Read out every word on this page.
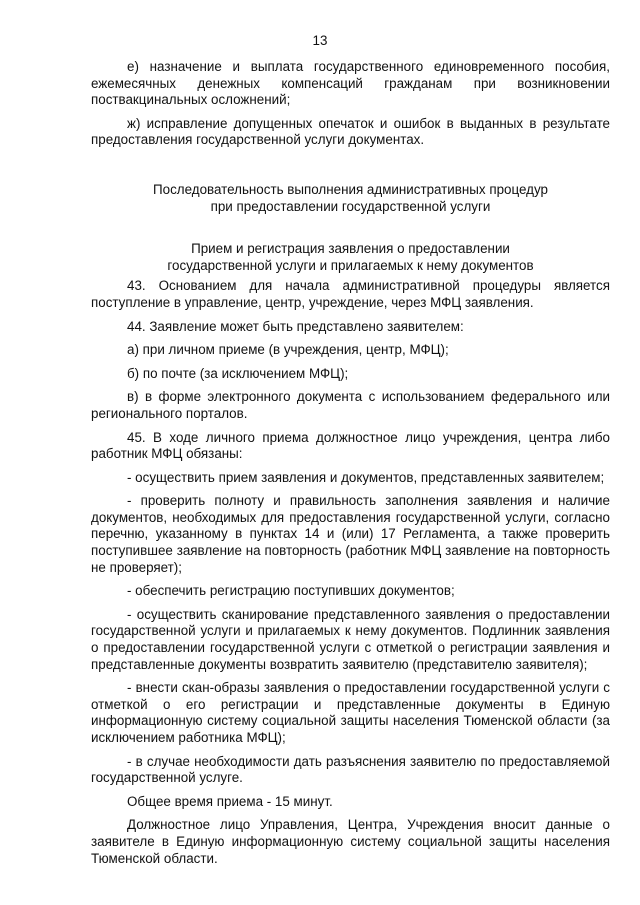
13

е) назначение и выплата государственного единовременного пособия, ежемесячных денежных компенсаций гражданам при возникновении поствакцинальных осложнений;

ж) исправление допущенных опечаток и ошибок в выданных в результате предоставления государственной услуги документах.

Последовательность выполнения административных процедур

при предоставлении государственной услуги

Прием и регистрация заявления о предоставлении

государственной услуги и прилагаемых к нему документов

43. Основанием для начала административной процедуры является поступление в управление, центр, учреждение, через МФЦ заявления.

44. Заявление может быть представлено заявителем:

а) при личном приеме (в учреждения, центр, МФЦ);

б) по почте (за исключением МФЦ);

в) в форме электронного документа с использованием федерального или регионального порталов.

45. В ходе личного приема должностное лицо учреждения, центра либо работник МФЦ обязаны:

- осуществить прием заявления и документов, представленных заявителем;

- проверить полноту и правильность заполнения заявления и наличие документов, необходимых для предоставления государственной услуги, согласно перечню, указанному в пунктах 14 и (или) 17 Регламента, а также проверить поступившее заявление на повторность (работник МФЦ заявление на повторность не проверяет);

- обеспечить регистрацию поступивших документов;

- осуществить сканирование представленного заявления о предоставлении государственной услуги и прилагаемых к нему документов. Подлинник заявления о предоставлении государственной услуги с отметкой о регистрации заявления и представленные документы возвратить заявителю (представителю заявителя);

- внести скан-образы заявления о предоставлении государственной услуги с отметкой о его регистрации и представленные документы в Единую информационную систему социальной защиты населения Тюменской области (за исключением работника МФЦ);

- в случае необходимости дать разъяснения заявителю по предоставляемой государственной услуге.

Общее время приема - 15 минут.

Должностное лицо Управления, Центра, Учреждения вносит данные о заявителе в Единую информационную систему социальной защиты населения Тюменской области.
